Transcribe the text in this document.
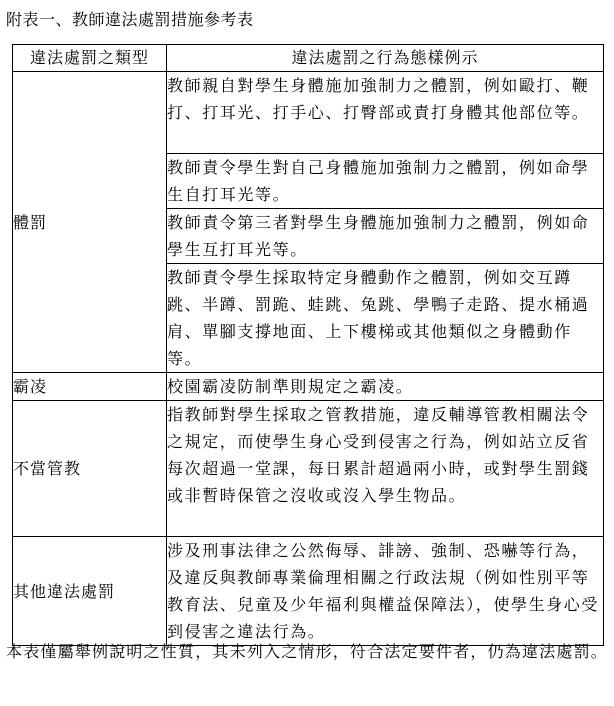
附表一、教師違法處罰措施參考表
違法處罰之類型	違法處罰之行為態樣例示
體罰	教師親自對學生身體施加強制力之體罰，例如毆打、鞭打、打耳光、打手心、打臀部或責打身體其他部位等。
	教師責令學生對自己身體施加強制力之體罰，例如命學生自打耳光等。
	教師責令第三者對學生身體施加強制力之體罰，例如命學生互打耳光等。
	教師責令學生採取特定身體動作之體罰，例如交互蹲跳、半蹲、罰跪、蛙跳、兔跳、學鴨子走路、提水桶過肩、單腳支撐地面、上下樓梯或其他類似之身體動作等。
霸凌	校園霸凌防制準則規定之霸凌。
不當管教	指教師對學生採取之管教措施，違反輔導管教相關法令之規定，而使學生身心受到侵害之行為，例如站立反省每次超過一堂課，每日累計超過兩小時，或對學生罰錢或非暫時保管之沒收或沒入學生物品。
其他違法處罰	涉及刑事法律之公然侮辱、誹謗、強制、恐嚇等行為，及違反與教師專業倫理相關之行政法規（例如性別平等教育法、兒童及少年福利與權益保障法），使學生身心受到侵害之違法行為。
本表僅屬舉例說明之性質，其未列入之情形，符合法定要件者，仍為違法處罰。
